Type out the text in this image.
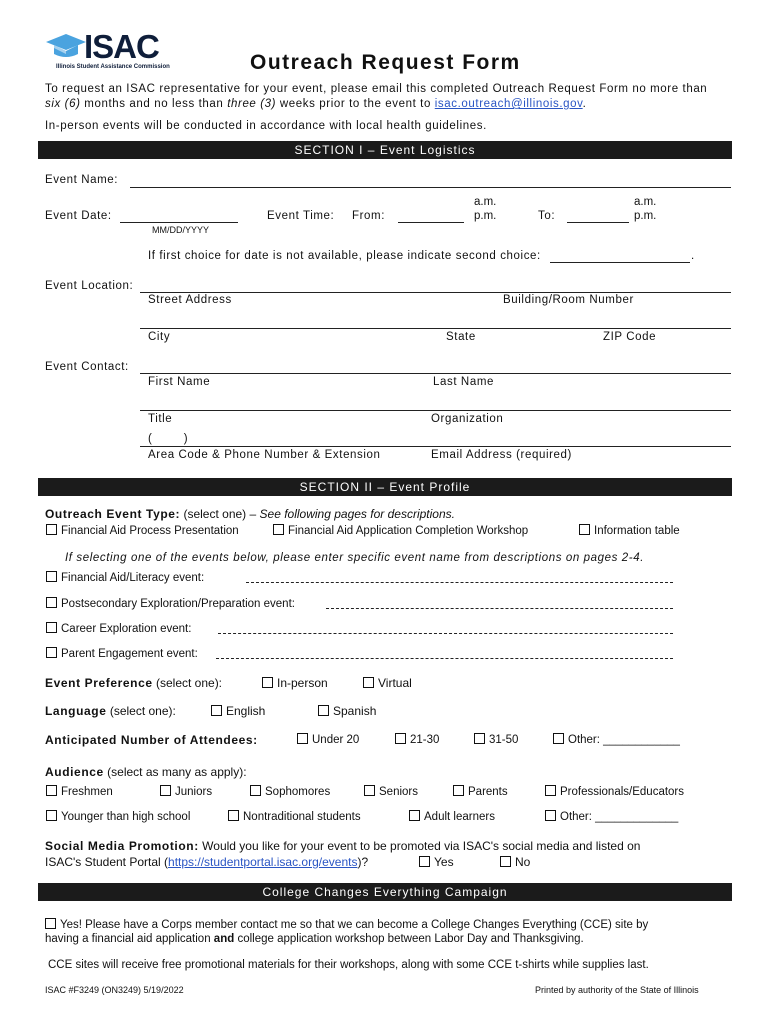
ISAC
Illinois Student Assistance Commission	Outreach Request Form
To request an ISAC representative for your event, please email this completed Outreach Request Form no more than
six (6) months and no less than three (3) weeks prior to the event to isac.outreach@illinois.gov.
In-person events will be conducted in accordance with local health guidelines.
SECTION I – Event Logistics
Event Name:
Event Date:
MM/DD/YYYY
Event Time: From:
a.m.
p.m.	To:
a.m.
p.m.
If first choice for date is not available, please indicate second choice:	.
Event Location:
Street Address	Building/Room Number
City	State	ZIP Code
Event Contact:
First Name	Last Name
Title	Organization
(          )
Area Code & Phone Number & Extension	Email Address (required)
SECTION II – Event Profile
Outreach Event Type: (select one) – See following pages for descriptions.
Financial Aid Process Presentation	Financial Aid Application Completion Workshop	Information table
If selecting one of the events below, please enter specific event name from descriptions on pages 2-4.
Financial Aid/Literacy event:
Postsecondary Exploration/Preparation event:
Career Exploration event:
Parent Engagement event:
Event Preference (select one):	In-person	Virtual
Language (select one):	English	Spanish
Anticipated Number of Attendees:	Under 20	21-30	31-50	Other: ____________
Audience (select as many as apply):
Freshmen	Juniors	Sophomores	Seniors	Parents	Professionals/Educators
Younger than high school	Nontraditional students	Adult learners	Other: _____________
Social Media Promotion: Would you like for your event to be promoted via ISAC's social media and listed on
ISAC's Student Portal (https://studentportal.isac.org/events)?	Yes	No
College Changes Everything Campaign
Yes! Please have a Corps member contact me so that we can become a College Changes Everything (CCE) site by
having a financial aid application and college application workshop between Labor Day and Thanksgiving.
CCE sites will receive free promotional materials for their workshops, along with some CCE t-shirts while supplies last.
ISAC #F3249 (ON3249) 5/19/2022	Printed by authority of the State of Illinois
